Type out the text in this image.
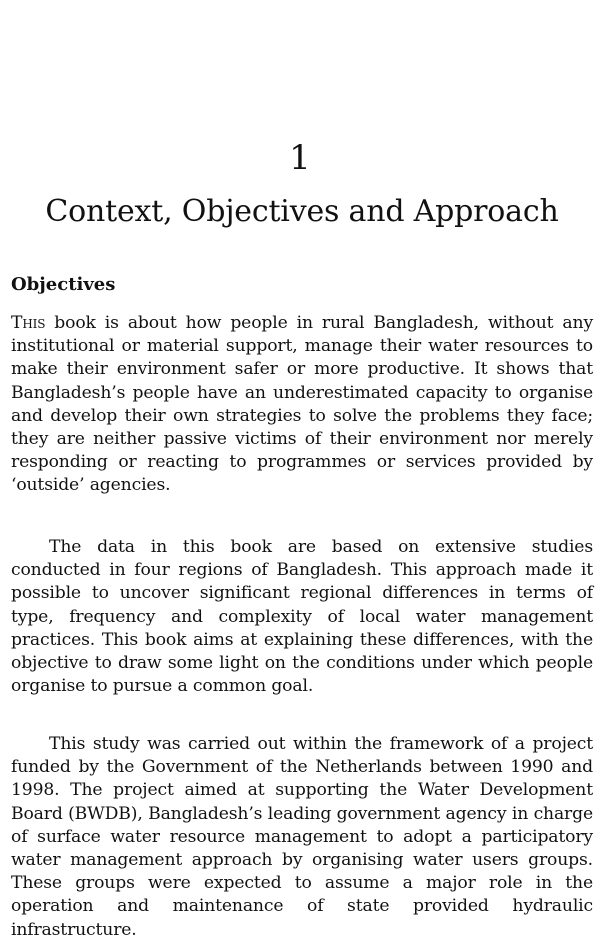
1
Context, Objectives and Approach
Objectives

This book is about how people in rural Bangladesh, without any institutional or material support, manage their water resources to make their environment safer or more productive. It shows that Bangladesh’s people have an underestimated capacity to organise and develop their own strategies to solve the problems they face; they are neither passive victims of their environment nor merely responding or reacting to programmes or services provided by ‘outside’ agencies.

The data in this book are based on extensive studies conducted in four regions of Bangladesh. This approach made it possible to uncover significant regional differences in terms of type, frequency and complexity of local water management practices. This book aims at explaining these differences, with the objective to draw some light on the conditions under which people organise to pursue a common goal.

This study was carried out within the framework of a project funded by the Government of the Netherlands between 1990 and 1998. The project aimed at supporting the Water Development Board (BWDB), Bangladesh’s leading government agency in charge of surface water resource management to adopt a participatory water management approach by organising water users groups. These groups were expected to assume a major role in the operation and maintenance of state provided hydraulic infrastructure.
